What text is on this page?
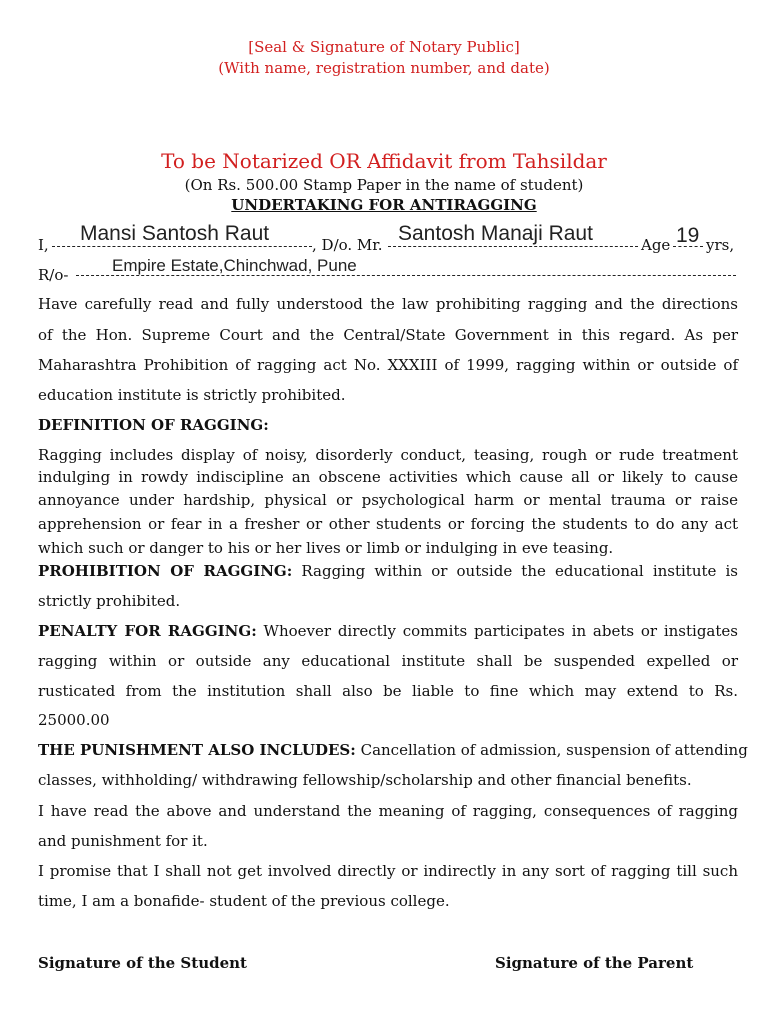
[Seal & Signature of Notary Public]
(With name, registration number, and date)
To be Notarized OR Affidavit from Tahsildar
(On Rs. 500.00 Stamp Paper in the name of student)
UNDERTAKING FOR ANTIRAGGING
I, Mansi Santosh Raut	, D/o. Mr. Santosh Manaji Raut	Age 19 yrs,
R/o-	Empire Estate,Chinchwad, Pune
Have carefully read and fully understood the law prohibiting ragging and the directions
of the Hon. Supreme Court and the Central/State Government in this regard. As per
Maharashtra Prohibition of ragging act No. XXXIII of 1999, ragging within or outside of
education institute is strictly prohibited.
DEFINITION OF RAGGING:
Ragging includes display of noisy, disorderly conduct, teasing, rough or rude treatment
indulging in rowdy indiscipline an obscene activities which cause all or likely to cause
annoyance under hardship, physical or psychological harm or mental trauma or raise
apprehension or fear in a fresher or other students or forcing the students to do any act
which such or danger to his or her lives or limb or indulging in eve teasing.
PROHIBITION OF RAGGING: Ragging within or outside the educational institute is
strictly prohibited.
PENALTY FOR RAGGING: Whoever directly commits participates in abets or instigates
ragging within or outside any educational institute shall be suspended expelled or
rusticated from the institution shall also be liable to fine which may extend to Rs.
25000.00
THE PUNISHMENT ALSO INCLUDES: Cancellation of admission, suspension of attending
classes, withholding/ withdrawing fellowship/scholarship and other financial benefits.
I have read the above and understand the meaning of ragging, consequences of ragging
and punishment for it.
I promise that I shall not get involved directly or indirectly in any sort of ragging till such
time, I am a bonafide- student of the previous college.
Signature of the Student	Signature of the Parent
